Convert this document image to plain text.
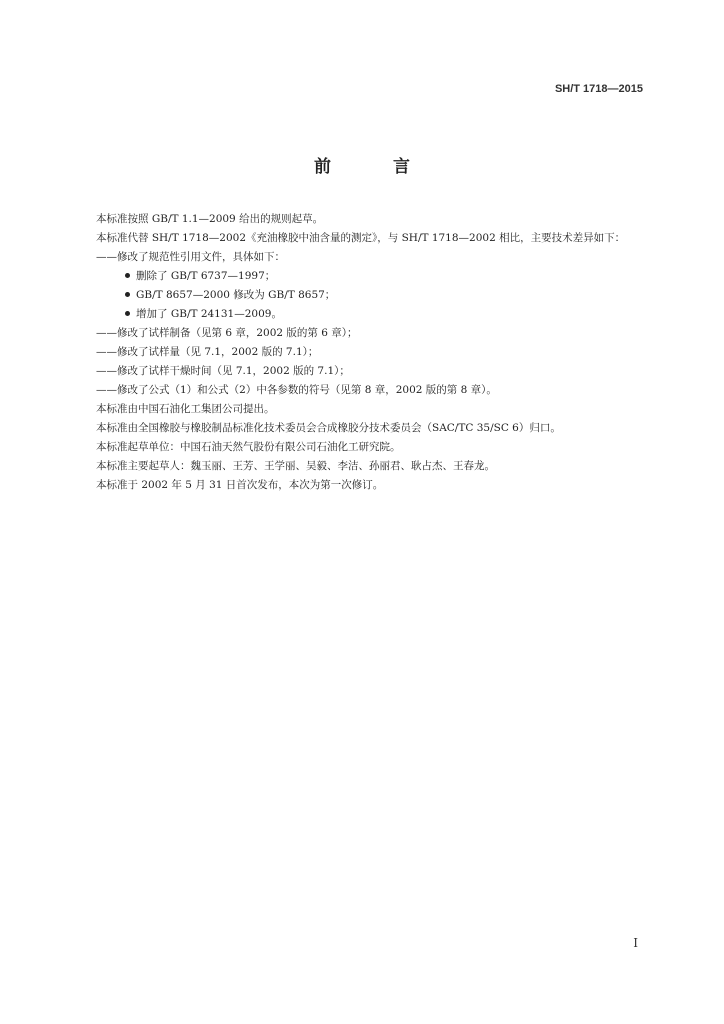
SH/T 1718—2015
前 言
本标准按照 GB/T 1.1—2009 给出的规则起草。
本标准代替 SH/T 1718—2002《充油橡胶中油含量的测定》，与 SH/T 1718—2002 相比，主要技术差异如下：
——修改了规范性引用文件，具体如下：
删除了 GB/T 6737—1997；
GB/T 8657—2000 修改为 GB/T 8657；
增加了 GB/T 24131—2009。
——修改了试样制备（见第 6 章，2002 版的第 6 章）；
——修改了试样量（见 7.1，2002 版的 7.1）；
——修改了试样干燥时间（见 7.1，2002 版的 7.1）；
——修改了公式（1）和公式（2）中各参数的符号（见第 8 章，2002 版的第 8 章）。
本标准由中国石油化工集团公司提出。
本标准由全国橡胶与橡胶制品标准化技术委员会合成橡胶分技术委员会（SAC/TC 35/SC 6）归口。
本标准起草单位：中国石油天然气股份有限公司石油化工研究院。
本标准主要起草人：魏玉丽、王芳、王学丽、吴毅、李洁、孙丽君、耿占杰、王春龙。
本标准于 2002 年 5 月 31 日首次发布，本次为第一次修订。
I
